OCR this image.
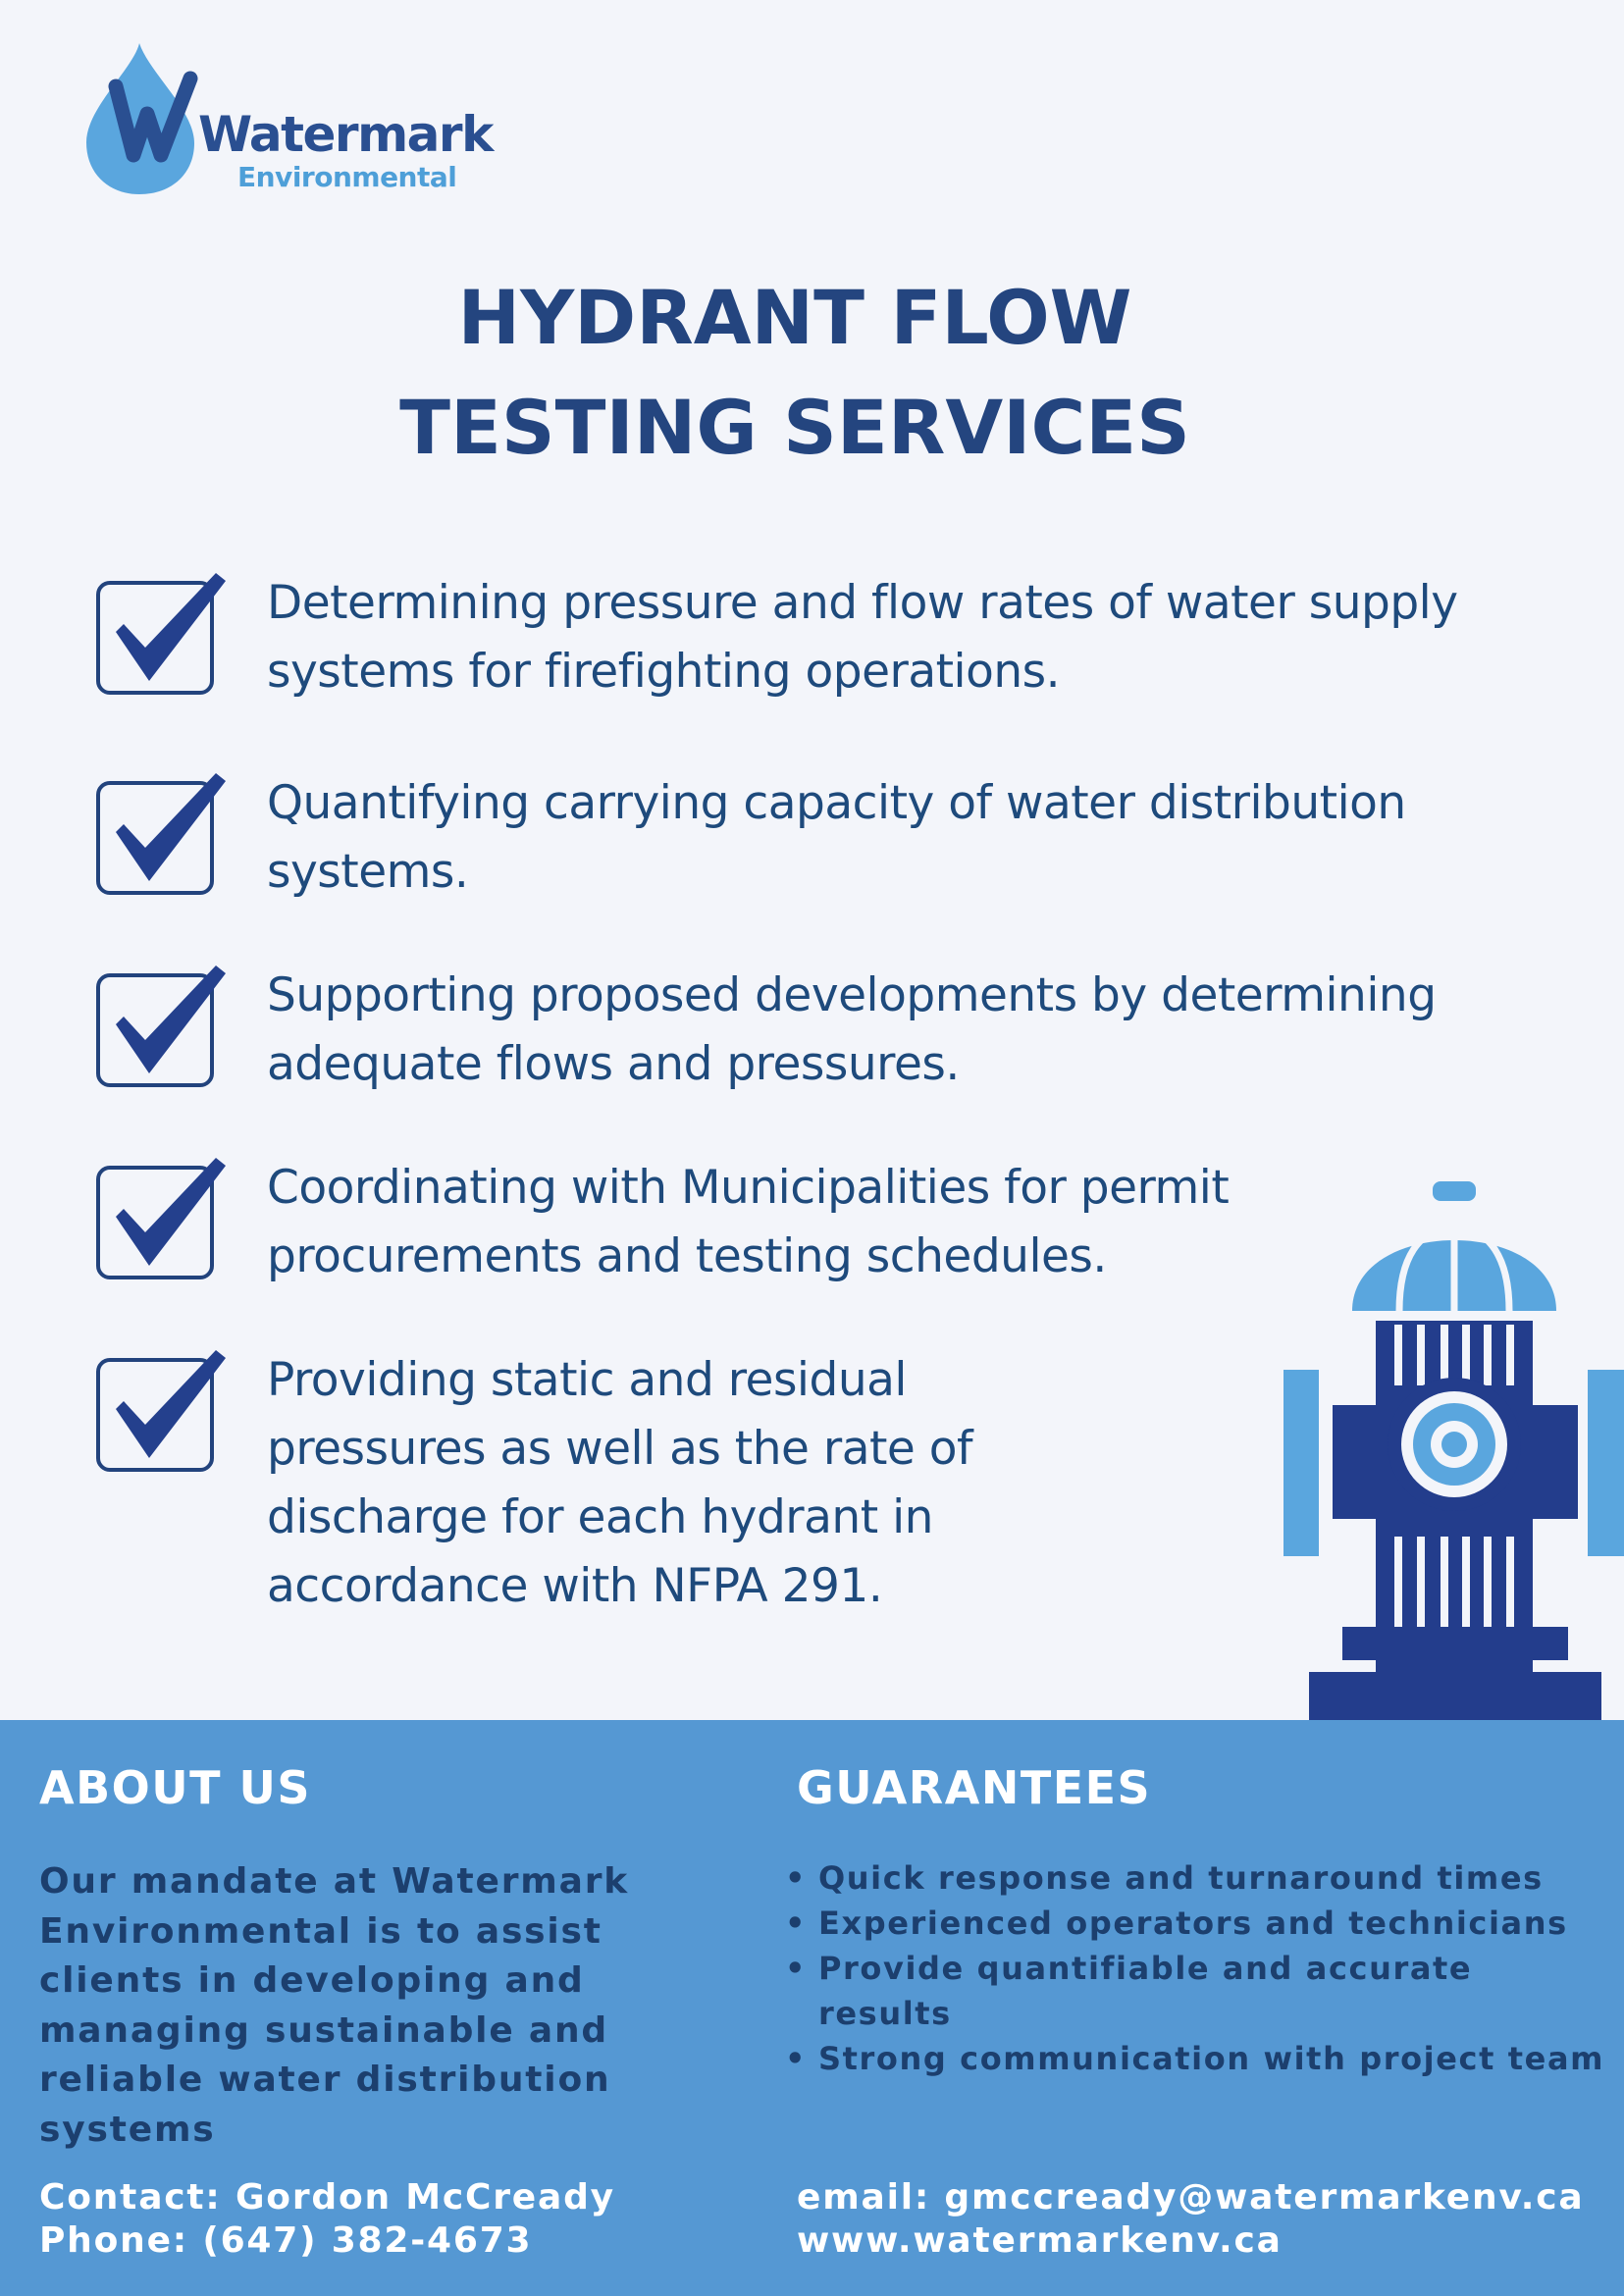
Watermark
Environmental
HYDRANT FLOW
TESTING SERVICES
Determining pressure and flow rates of water supply systems for firefighting operations.
Quantifying carrying capacity of water distribution systems.
Supporting proposed developments by determining adequate flows and pressures.
Coordinating with Municipalities for permit procurements and testing schedules.
Providing static and residual pressures as well as the rate of discharge for each hydrant in accordance with NFPA 291.
ABOUT US

Our mandate at Watermark Environmental is to assist clients in developing and managing sustainable and reliable water distribution systems

Contact: Gordon McCready
Phone: (647) 382-4673
GUARANTEES
• Quick response and turnaround times
• Experienced operators and technicians
• Provide quantifiable and accurate results
• Strong communication with project team
email: gmccready@watermarkenv.ca
www.watermarkenv.ca
